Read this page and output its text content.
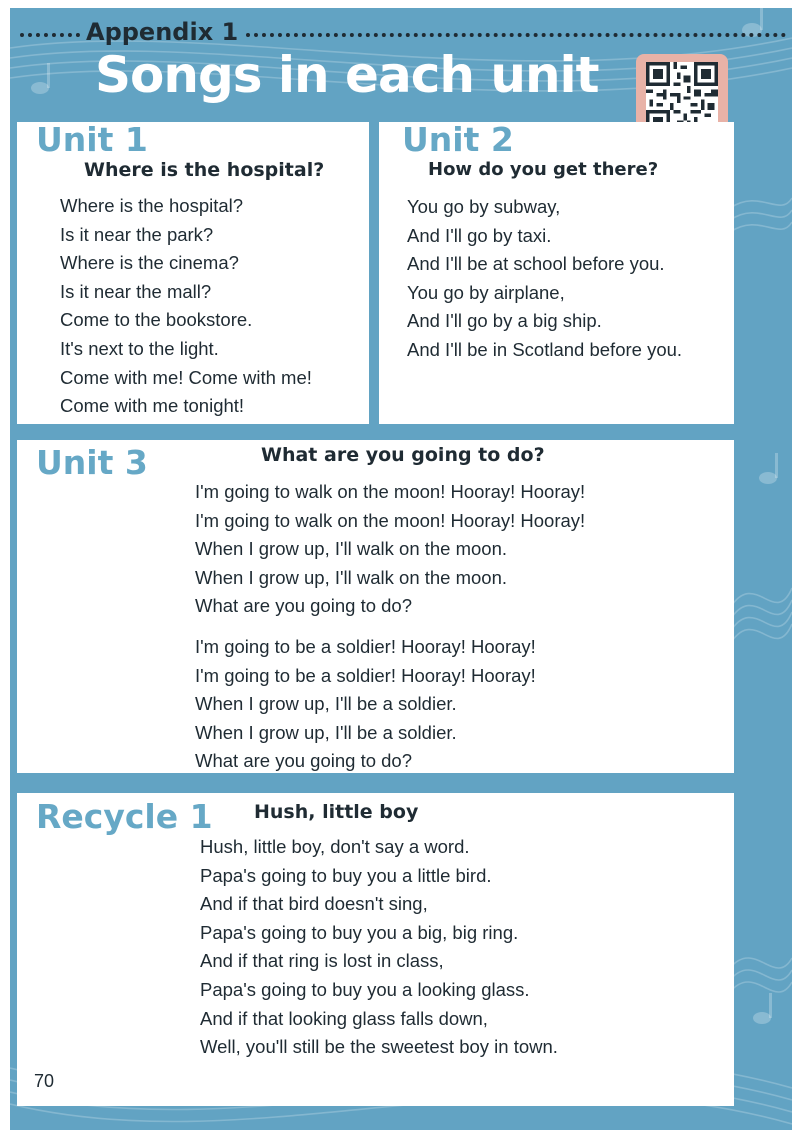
Appendix 1
Songs in each unit
Unit 1
Where is the hospital?
Where is the hospital?
Is it near the park?
Where is the cinema?
Is it near the mall?
Come to the bookstore.
It's next to the light.
Come with me! Come with me!
Come with me tonight!
Unit 2
How do you get there?
You go by subway,
And I'll go by taxi.
And I'll be at school before you.
You go by airplane,
And I'll go by a big ship.
And I'll be in Scotland before you.
Unit 3	What are you going to do?
I'm going to walk on the moon! Hooray! Hooray!
I'm going to walk on the moon! Hooray! Hooray!
When I grow up, I'll walk on the moon.
When I grow up, I'll walk on the moon.
What are you going to do?
I'm going to be a soldier! Hooray! Hooray!
I'm going to be a soldier! Hooray! Hooray!
When I grow up, I'll be a soldier.
When I grow up, I'll be a soldier.
What are you going to do?
Recycle 1 Hush, little boy
Hush, little boy, don't say a word.
Papa's going to buy you a little bird.
And if that bird doesn't sing,
Papa's going to buy you a big, big ring.
And if that ring is lost in class,
Papa's going to buy you a looking glass.
And if that looking glass falls down,
Well, you'll still be the sweetest boy in town.
70
